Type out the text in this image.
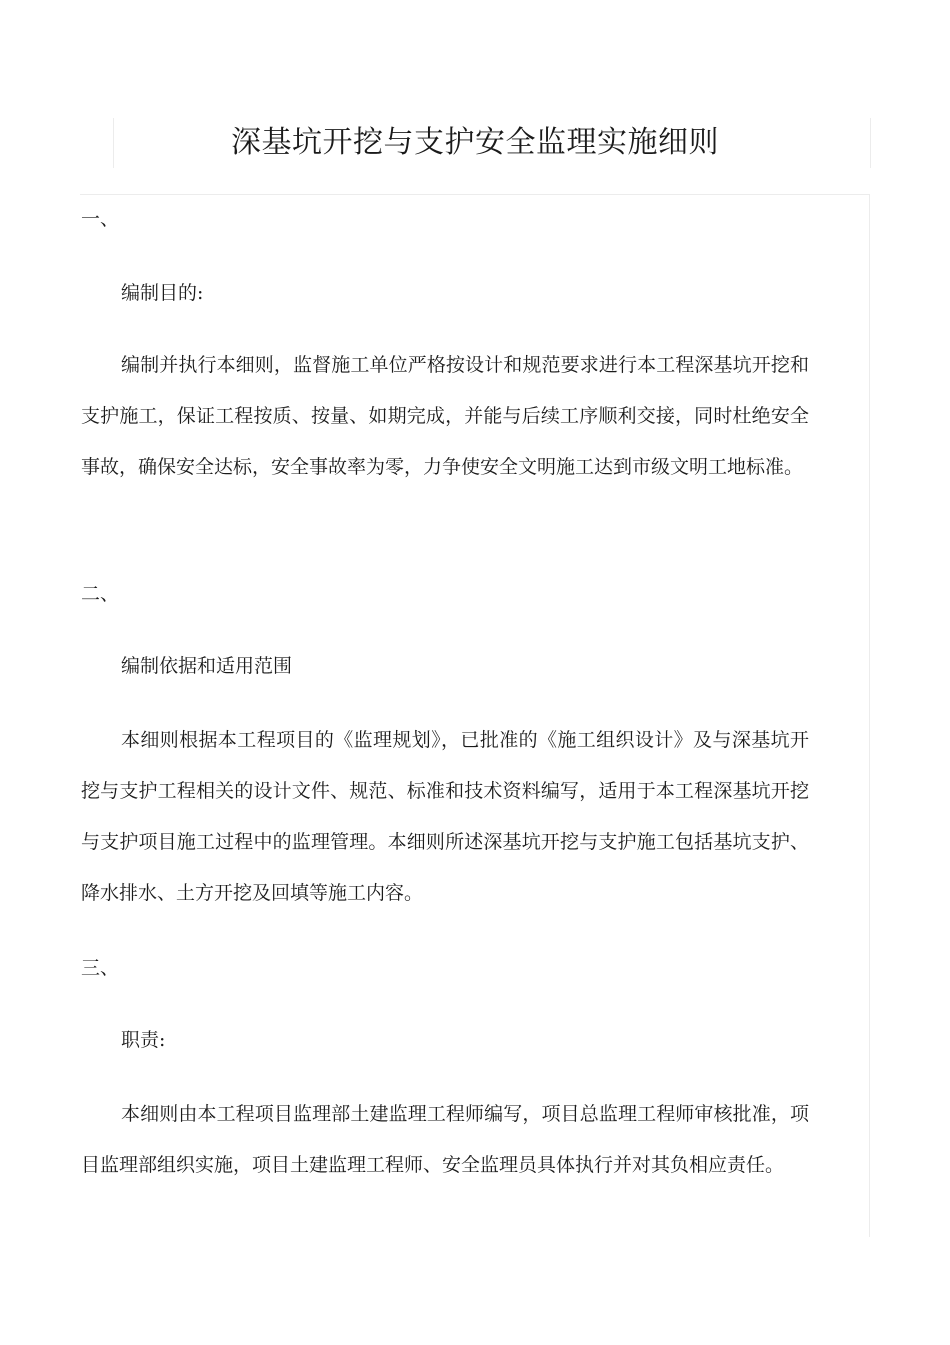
深基坑开挖与支护安全监理实施细则

一、

编制目的:

编制并执行本细则，监督施工单位严格按设计和规范要求进行本工程深基坑开挖和支护施工，保证工程按质、按量、如期完成，并能与后续工序顺利交接，同时杜绝安全事故，确保安全达标，安全事故率为零，力争使安全文明施工达到市级文明工地标准。

二、

编制依据和适用范围

本细则根据本工程项目的《监理规划》，已批准的《施工组织设计》及与深基坑开挖与支护工程相关的设计文件、规范、标准和技术资料编写，适用于本工程深基坑开挖与支护项目施工过程中的监理管理。本细则所述深基坑开挖与支护施工包括基坑支护、降水排水、土方开挖及回填等施工内容。

三、

职责:

本细则由本工程项目监理部土建监理工程师编写，项目总监理工程师审核批准，项目监理部组织实施，项目土建监理工程师、安全监理员具体执行并对其负相应责任。
